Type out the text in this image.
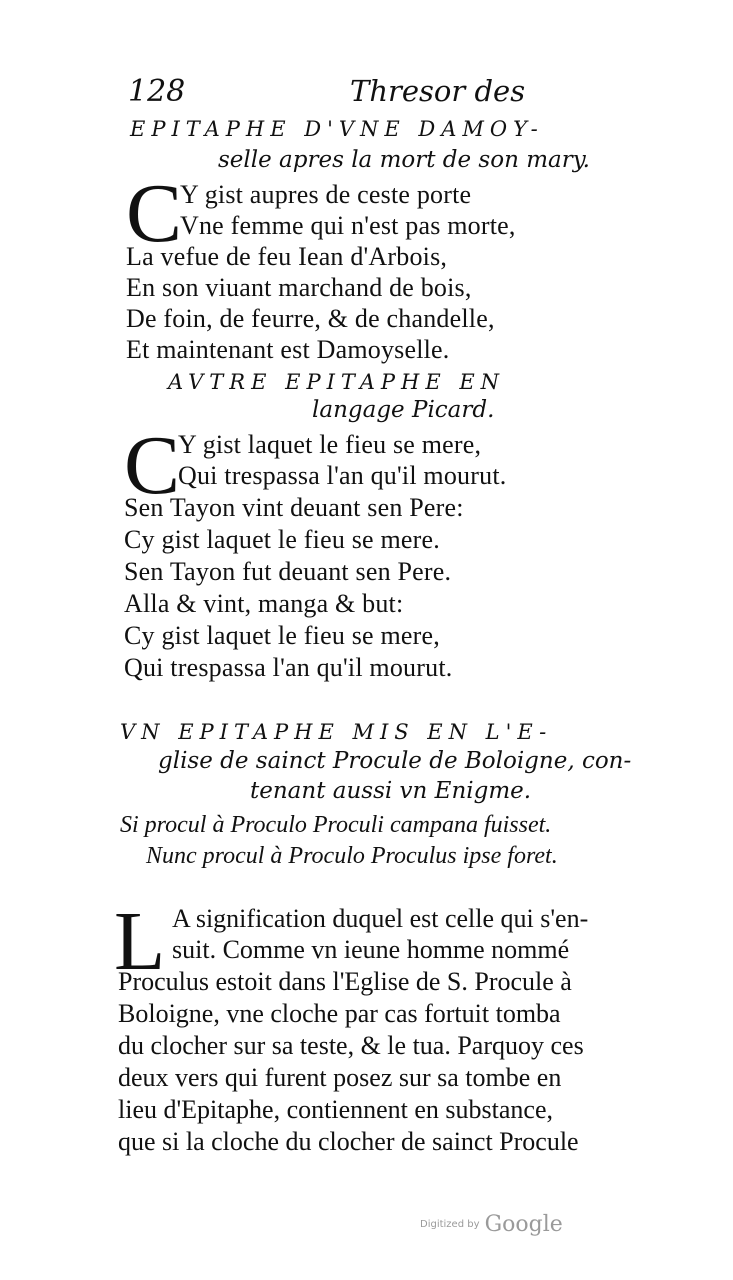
128	Thresor des
EPITAPHE D'VNE DAMOY-
selle apres la mort de son mary.
C
Y gist aupres de ceste porte
Vne femme qui n'est pas morte,
La vefue de feu Iean d'Arbois,
En son viuant marchand de bois,
De foin, de feurre, & de chandelle,
Et maintenant est Damoyselle.
AVTRE EPITAPHE EN
langage Picard.
C
Y gist laquet le fieu se mere,
Qui trespassa l'an qu'il mourut.
Sen Tayon vint deuant sen Pere:
Cy gist laquet le fieu se mere.
Sen Tayon fut deuant sen Pere.
Alla & vint, manga & but:
Cy gist laquet le fieu se mere,
Qui trespassa l'an qu'il mourut.
VN EPITAPHE MIS EN L'E-
glise de sainct Procule de Boloigne, con-
tenant aussi vn Enigme.
Si procul à Proculo Proculi campana fuisset.
Nunc procul à Proculo Proculus ipse foret.
L A signification duquel est celle qui s'en-
suit. Comme vn ieune homme nommé
Proculus estoit dans l'Eglise de S. Procule à
Boloigne, vne cloche par cas fortuit tomba
du clocher sur sa teste, & le tua. Parquoy ces
deux vers qui furent posez sur sa tombe en
lieu d'Epitaphe, contiennent en substance,
que si la cloche du clocher de sainct Procule
Digitized by Google
